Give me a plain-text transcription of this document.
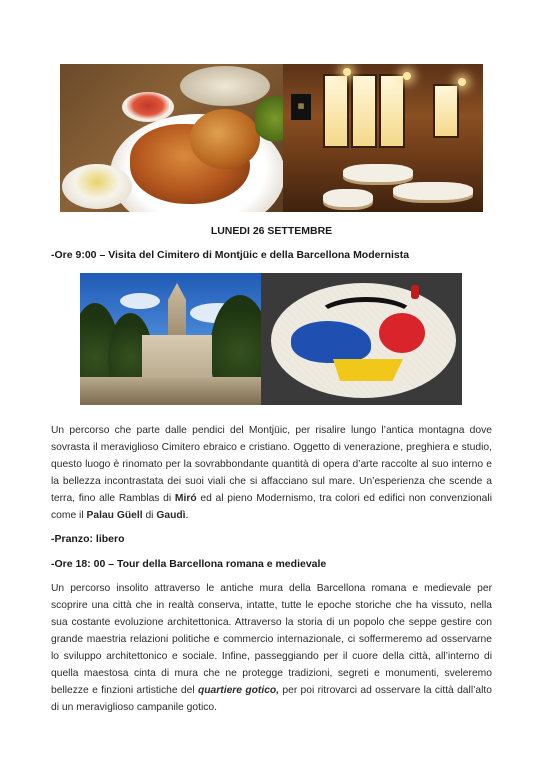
▦
LUNEDI 26 SETTEMBRE
-Ore 9:00 – Visita del Cimitero di Montjüic e della Barcellona Modernista

Un percorso che parte dalle pendici del Montjüic, per risalire lungo l’antica montagna dove sovrasta il meraviglioso Cimitero ebraico e cristiano. Oggetto di venerazione, preghiera e studio, questo luogo è rinomato per la sovrabbondante quantità di opera d’arte raccolte al suo interno e la bellezza incontrastata dei suoi viali che si affacciano sul mare. Un’esperienza che scende a terra, fino alle Ramblas di Miró ed al pieno Modernismo, tra colori ed edifici non convenzionali come il Palau Güell di Gaudì.

-Pranzo: libero
-Ore 18: 00 – Tour della Barcellona romana e medievale

Un percorso insolito attraverso le antiche mura della Barcellona romana e medievale per scoprire una città che in realtà conserva, intatte, tutte le epoche storiche che ha vissuto, nella sua costante evoluzione architettonica. Attraverso la storia di un popolo che seppe gestire con grande maestria relazioni politiche e commercio internazionale, ci soffermeremo ad osservarne lo sviluppo architettonico e sociale. Infine, passeggiando per il cuore della città, all’interno di quella maestosa cinta di mura che ne protegge tradizioni, segreti e monumenti, sveleremo bellezze e finzioni artistiche del quartiere gotico, per poi ritrovarci ad osservare la città dall’alto di un meraviglioso campanile gotico.
